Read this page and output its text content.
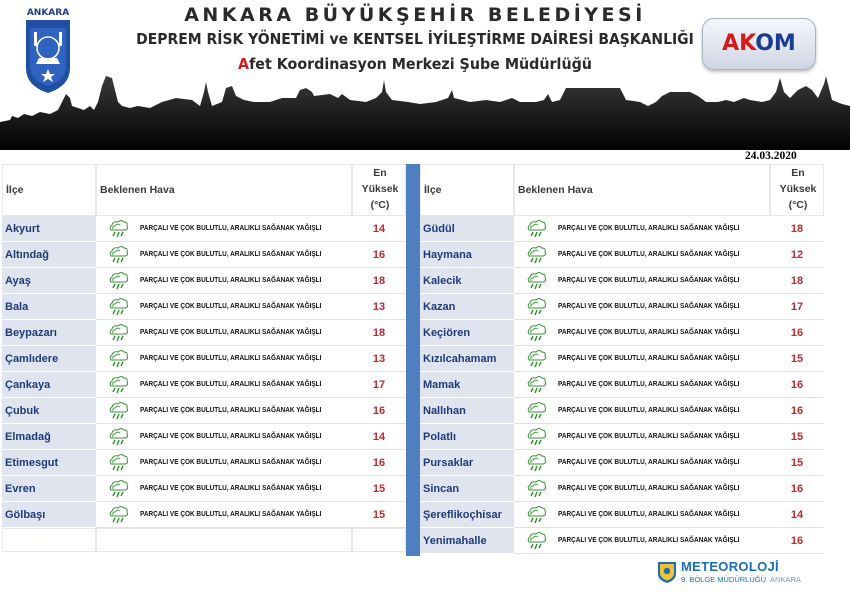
ANKARA	ANKARA BÜYÜKŞEHİR BELEDİYESİ
DEPREM RİSK YÖNETİMİ ve KENTSEL İYİLEŞTİRME DAİRESİ BAŞKANLIĞI
Afet Koordinasyon Merkezi Şube Müdürlüğü
AKOM
24.03.2020
İlçe	Beklenen Hava
En
Yüksek
(°C)
Akyurt	PARÇALI VE ÇOK BULUTLU, ARALIKLI SAĞANAK YAĞIŞLI	14
Altındağ	PARÇALI VE ÇOK BULUTLU, ARALIKLI SAĞANAK YAĞIŞLI	16
Ayaş	PARÇALI VE ÇOK BULUTLU, ARALIKLI SAĞANAK YAĞIŞLI	18
Bala	PARÇALI VE ÇOK BULUTLU, ARALIKLI SAĞANAK YAĞIŞLI	13
Beypazarı	PARÇALI VE ÇOK BULUTLU, ARALIKLI SAĞANAK YAĞIŞLI	18
Çamlıdere	PARÇALI VE ÇOK BULUTLU, ARALIKLI SAĞANAK YAĞIŞLI	13
Çankaya	PARÇALI VE ÇOK BULUTLU, ARALIKLI SAĞANAK YAĞIŞLI	17
Çubuk	PARÇALI VE ÇOK BULUTLU, ARALIKLI SAĞANAK YAĞIŞLI	16
Elmadağ	PARÇALI VE ÇOK BULUTLU, ARALIKLI SAĞANAK YAĞIŞLI	14
Etimesgut	PARÇALI VE ÇOK BULUTLU, ARALIKLI SAĞANAK YAĞIŞLI	16
Evren	PARÇALI VE ÇOK BULUTLU, ARALIKLI SAĞANAK YAĞIŞLI	15
Gölbaşı	PARÇALI VE ÇOK BULUTLU, ARALIKLI SAĞANAK YAĞIŞLI	15
İlçe	Beklenen Hava
En
Yüksek
(°C)
Güdül	PARÇALI VE ÇOK BULUTLU, ARALIKLI SAĞANAK YAĞIŞLI	18
Haymana	PARÇALI VE ÇOK BULUTLU, ARALIKLI SAĞANAK YAĞIŞLI	12
Kalecik	PARÇALI VE ÇOK BULUTLU, ARALIKLI SAĞANAK YAĞIŞLI	18
Kazan	PARÇALI VE ÇOK BULUTLU, ARALIKLI SAĞANAK YAĞIŞLI	17
Keçiören	PARÇALI VE ÇOK BULUTLU, ARALIKLI SAĞANAK YAĞIŞLI	16
Kızılcahamam	PARÇALI VE ÇOK BULUTLU, ARALIKLI SAĞANAK YAĞIŞLI	15
Mamak	PARÇALI VE ÇOK BULUTLU, ARALIKLI SAĞANAK YAĞIŞLI	16
Nallıhan	PARÇALI VE ÇOK BULUTLU, ARALIKLI SAĞANAK YAĞIŞLI	16
Polatlı	PARÇALI VE ÇOK BULUTLU, ARALIKLI SAĞANAK YAĞIŞLI	15
Pursaklar	PARÇALI VE ÇOK BULUTLU, ARALIKLI SAĞANAK YAĞIŞLI	15
Sincan	PARÇALI VE ÇOK BULUTLU, ARALIKLI SAĞANAK YAĞIŞLI	16
Şereflikoçhisar	PARÇALI VE ÇOK BULUTLU, ARALIKLI SAĞANAK YAĞIŞLI	14
Yenimahalle	PARÇALI VE ÇOK BULUTLU, ARALIKLI SAĞANAK YAĞIŞLI	16
METEOROLOJİ
9. BÖLGE MÜDÜRLÜĞÜ ANKARA
